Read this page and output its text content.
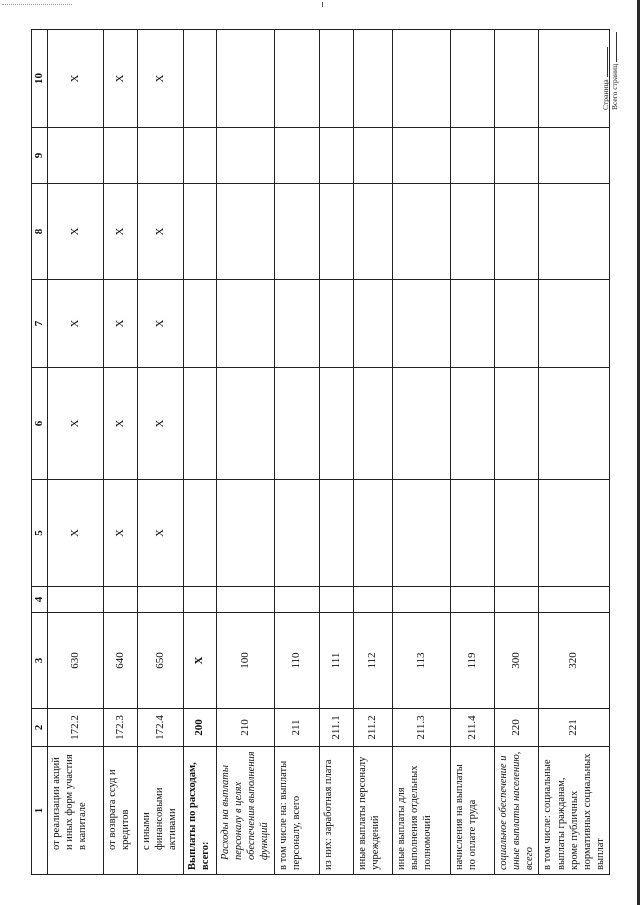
1	2	3	4	5	6	7	8	9	10
от реализации акций и иных форм участия в капитале	172.2	630		X	X	X	X		X
от возврата ссуд и кредитов	172.3	640		X	X	X	X		X
с иными финансовыми активами	172.4	650		X	X	X	X		X
Выплаты по расходам, всего:	200	X							
Расходы на выплаты персоналу в целях обеспечения выполнения функций	210	100							
в том числе на: выплаты персоналу, всего	211	110							
из них: заработная плата	211.1	111							
иные выплаты персоналу учреждений	211.2	112							
иные выплаты для выполнения отдельных полномочий	211.3	113							
начисления на выплаты по оплате труда	211.4	119							
социальное обеспечение и иные выплаты населению, всего	220	300							
в том числе: социальные выплаты гражданам, кроме публичных нормативных социальных выплат	221	320							
Страница Всего страниц
